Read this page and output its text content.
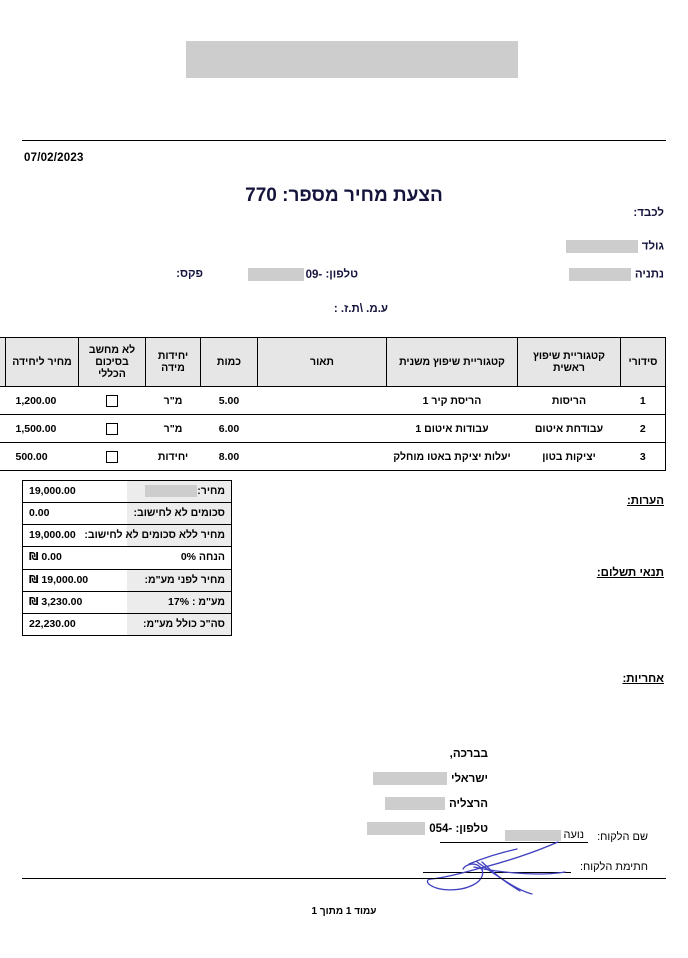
07/02/2023
הצעת מחיר מספר: 770
לכבד:
גולד
נתניה
טלפון: 09-
פקס:
ע.מ. \ת.ז. :
סידורי	קטגוריית שיפוץ ראשית	קטגוריית שיפוץ משנית	תאור	כמות	יחידות מידה	לא מחשב בסיכום הכללי	מחיר ליחידה	
1	הריסות	הריסת קיר 1		5.00	מ"ר		1,200.00	
2	עבודחת איטום	עבודות איטום 1		6.00	מ"ר		1,500.00	
3	יציקות בטון	יעלות יציקת באטו מוחלק		8.00	יחידות		500.00	
מחיר:	19,000.00
סכומים לא לחישוב:	0.00
מחיר ללא סכומים לא לחישוב:	19,000.00
הנחה 0%	₪ 0.00
מחיר לפני מע"מ:	₪ 19,000.00
מע"מ : 17%	₪ 3,230.00
סה"כ כולל מע"מ:	22,230.00
הערות:
תנאי תשלום:
אחריות:
בברכה,
ישראלי
הרצליה
טלפון: 054-
שם הלקוח:
נועה
חתימת הלקוח:
עמוד 1 מתוך 1
